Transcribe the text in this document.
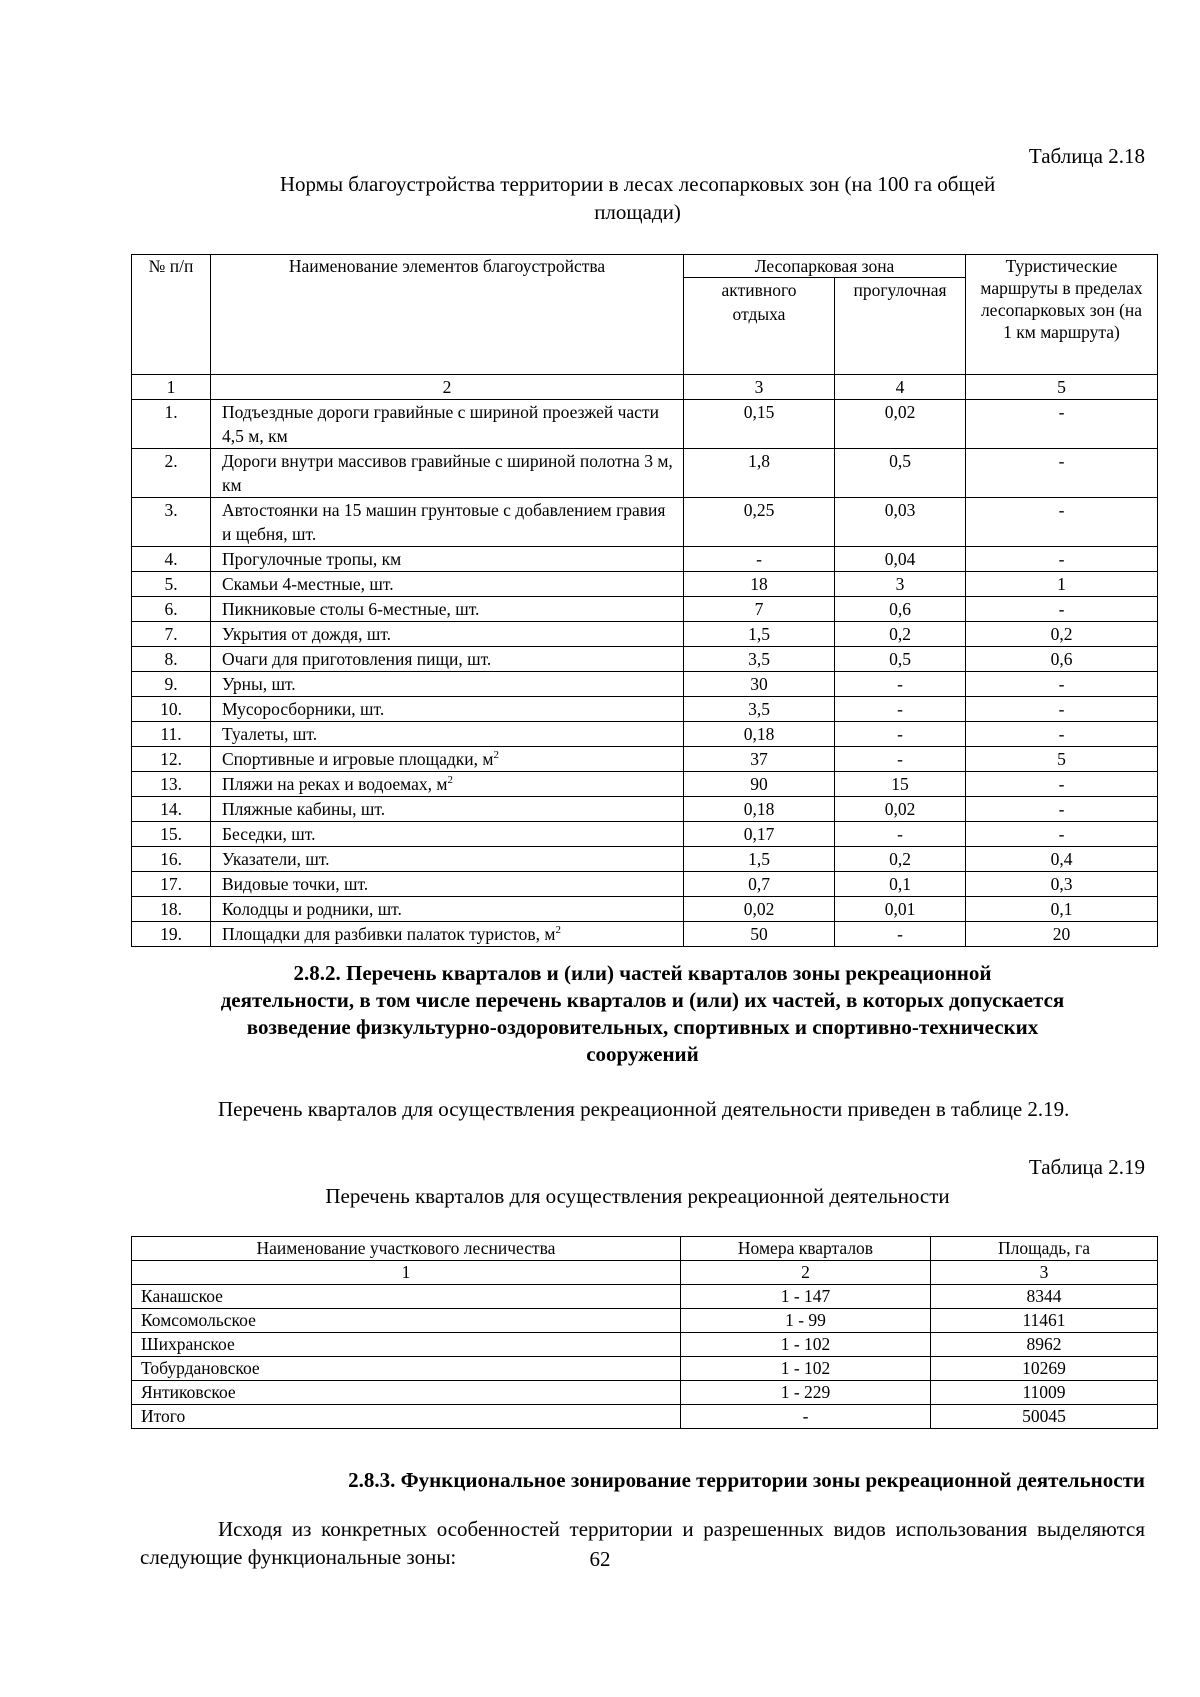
Таблица 2.18
Нормы благоустройства территории в лесах лесопарковых зон (на 100 га общей
площади)
№ п/п	Наименование элементов благоустройства	Лесопарковая зона		Туристические маршруты в пределах лесопарковых зон (на 1 км маршрута)
		активного отдыха	прогулочная	
1	2	3	4	5
1.	Подъездные дороги гравийные с шириной проезжей части 4,5 м, км	0,15	0,02	-
2.	Дороги внутри массивов гравийные с шириной полотна 3 м, км	1,8	0,5	-
3.	Автостоянки на 15 машин грунтовые с добавлением гравия и щебня, шт.	0,25	0,03	-
4.	Прогулочные тропы, км	-	0,04	-
5.	Скамьи 4-местные, шт.	18	3	1
6.	Пикниковые столы 6-местные, шт.	7	0,6	-
7.	Укрытия от дождя, шт.	1,5	0,2	0,2
8.	Очаги для приготовления пищи, шт.	3,5	0,5	0,6
9.	Урны, шт.	30	-	-
10.	Мусоросборники, шт.	3,5	-	-
11.	Туалеты, шт.	0,18	-	-
12.	Спортивные и игровые площадки, $м^2$	37	-	5
13.	Пляжи на реках и водоемах, $м^2$	90	15	-
14.	Пляжные кабины, шт.	0,18	0,02	-
15.	Беседки, шт.	0,17	-	-
16.	Указатели, шт.	1,5	0,2	0,4
17.	Видовые точки, шт.	0,7	0,1	0,3
18.	Колодцы и родники, шт.	0,02	0,01	0,1
19.	Площадки для разбивки палаток туристов, $м^2$	50	-	20
2.8.2. Перечень кварталов и (или) частей кварталов зоны рекреационной
деятельности, в том числе перечень кварталов и (или) их частей, в которых допускается
возведение физкультурно-оздоровительных, спортивных и спортивно-технических
сооружений
Перечень кварталов для осуществления рекреационной деятельности приведен в таблице 2.19.
Таблица 2.19
Перечень кварталов для осуществления рекреационной деятельности
Наименование участкового лесничества	Номера кварталов	Площадь, га
1	2	3
Канашское	1 - 147	8344
Комсомольское	1 - 99	11461
Шихранское	1 - 102	8962
Тобурдановское	1 - 102	10269
Янтиковское	1 - 229	11009
Итого	-	50045
2.8.3. Функциональное зонирование территории зоны рекреационной деятельности
Исходя из конкретных особенностей территории и разрешенных видов использования выделяются следующие функциональные зоны:	62
